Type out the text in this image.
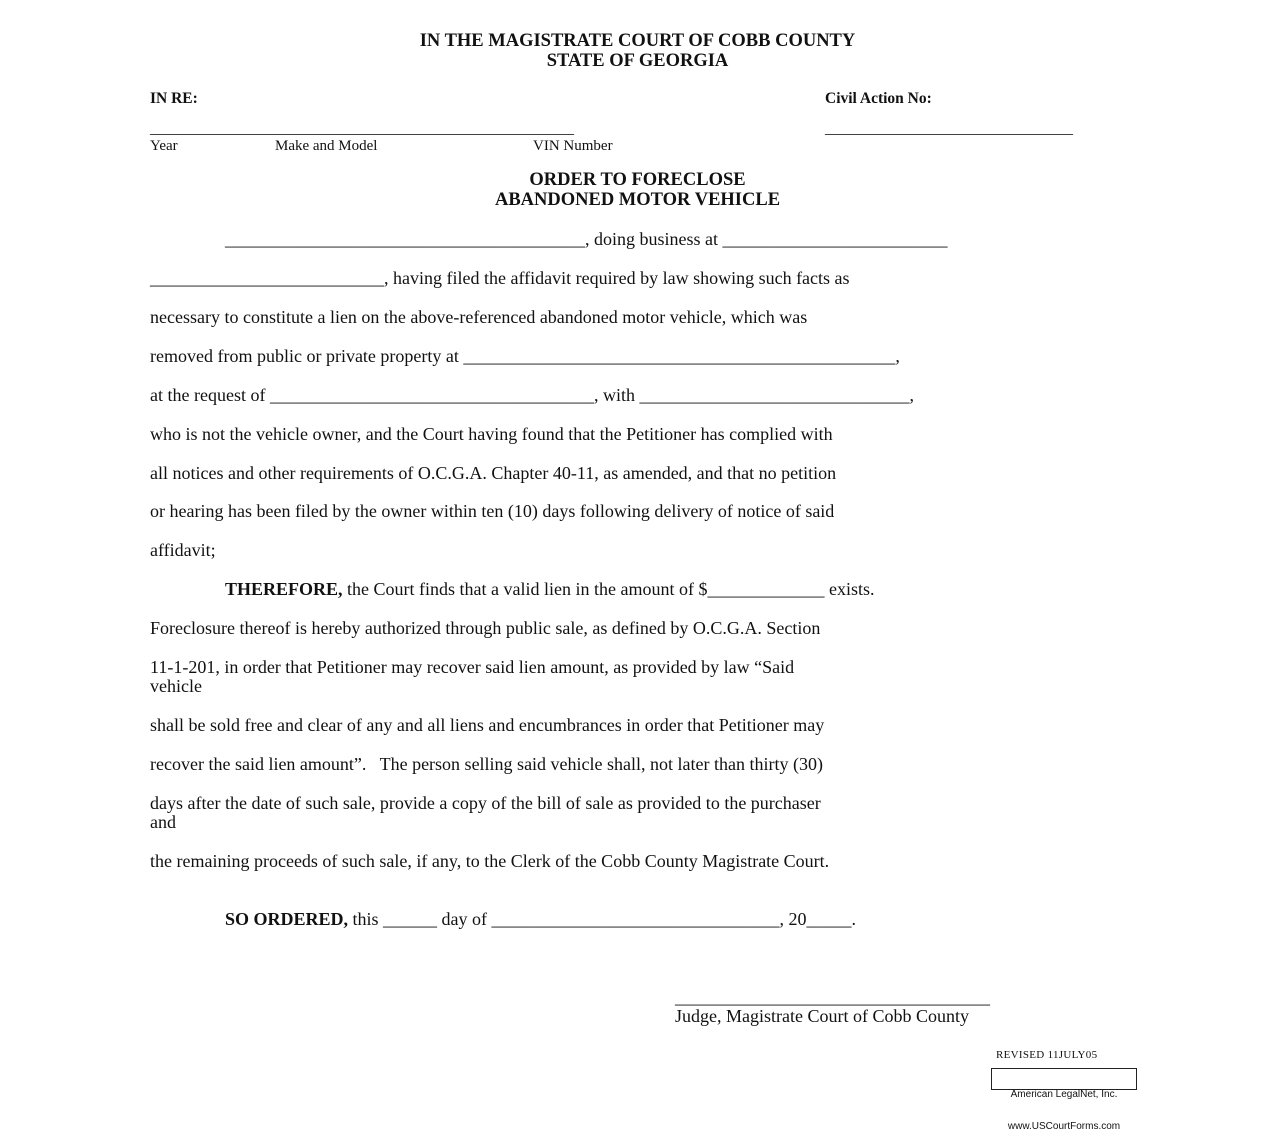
IN THE MAGISTRATE COURT OF COBB COUNTY
STATE OF GEORGIA
IN RE:	Civil Action No:
_____________________________________________________	_______________________________
Year	Make and Model	VIN Number
ORDER TO FORECLOSE
ABANDONED MOTOR VEHICLE
________________________________________, doing business at _________________________
__________________________, having filed the affidavit required by law showing such facts as
necessary to constitute a lien on the above-referenced abandoned motor vehicle, which was
removed from public or private property at ________________________________________________,
at the request of ____________________________________, with ______________________________,
who is not the vehicle owner, and the Court having found that the Petitioner has complied with
all notices and other requirements of O.C.G.A. Chapter 40-11, as amended, and that no petition
or hearing has been filed by the owner within ten (10) days following delivery of notice of said
affidavit;
THEREFORE, the Court finds that a valid lien in the amount of $_____________ exists.
Foreclosure thereof is hereby authorized through public sale, as defined by O.C.G.A. Section
11-1-201, in order that Petitioner may recover said lien amount, as provided by law “Said
vehicle
shall be sold free and clear of any and all liens and encumbrances in order that Petitioner may
recover the said lien amount”.   The person selling said vehicle shall, not later than thirty (30)
days after the date of such sale, provide a copy of the bill of sale as provided to the purchaser
and
the remaining proceeds of such sale, if any, to the Clerk of the Cobb County Magistrate Court.
SO ORDERED, this ______ day of ________________________________, 20_____.
___________________________________
Judge, Magistrate Court of Cobb County
REVISED 11JULY05

American LegalNet, Inc.

www.USCourtForms.com
